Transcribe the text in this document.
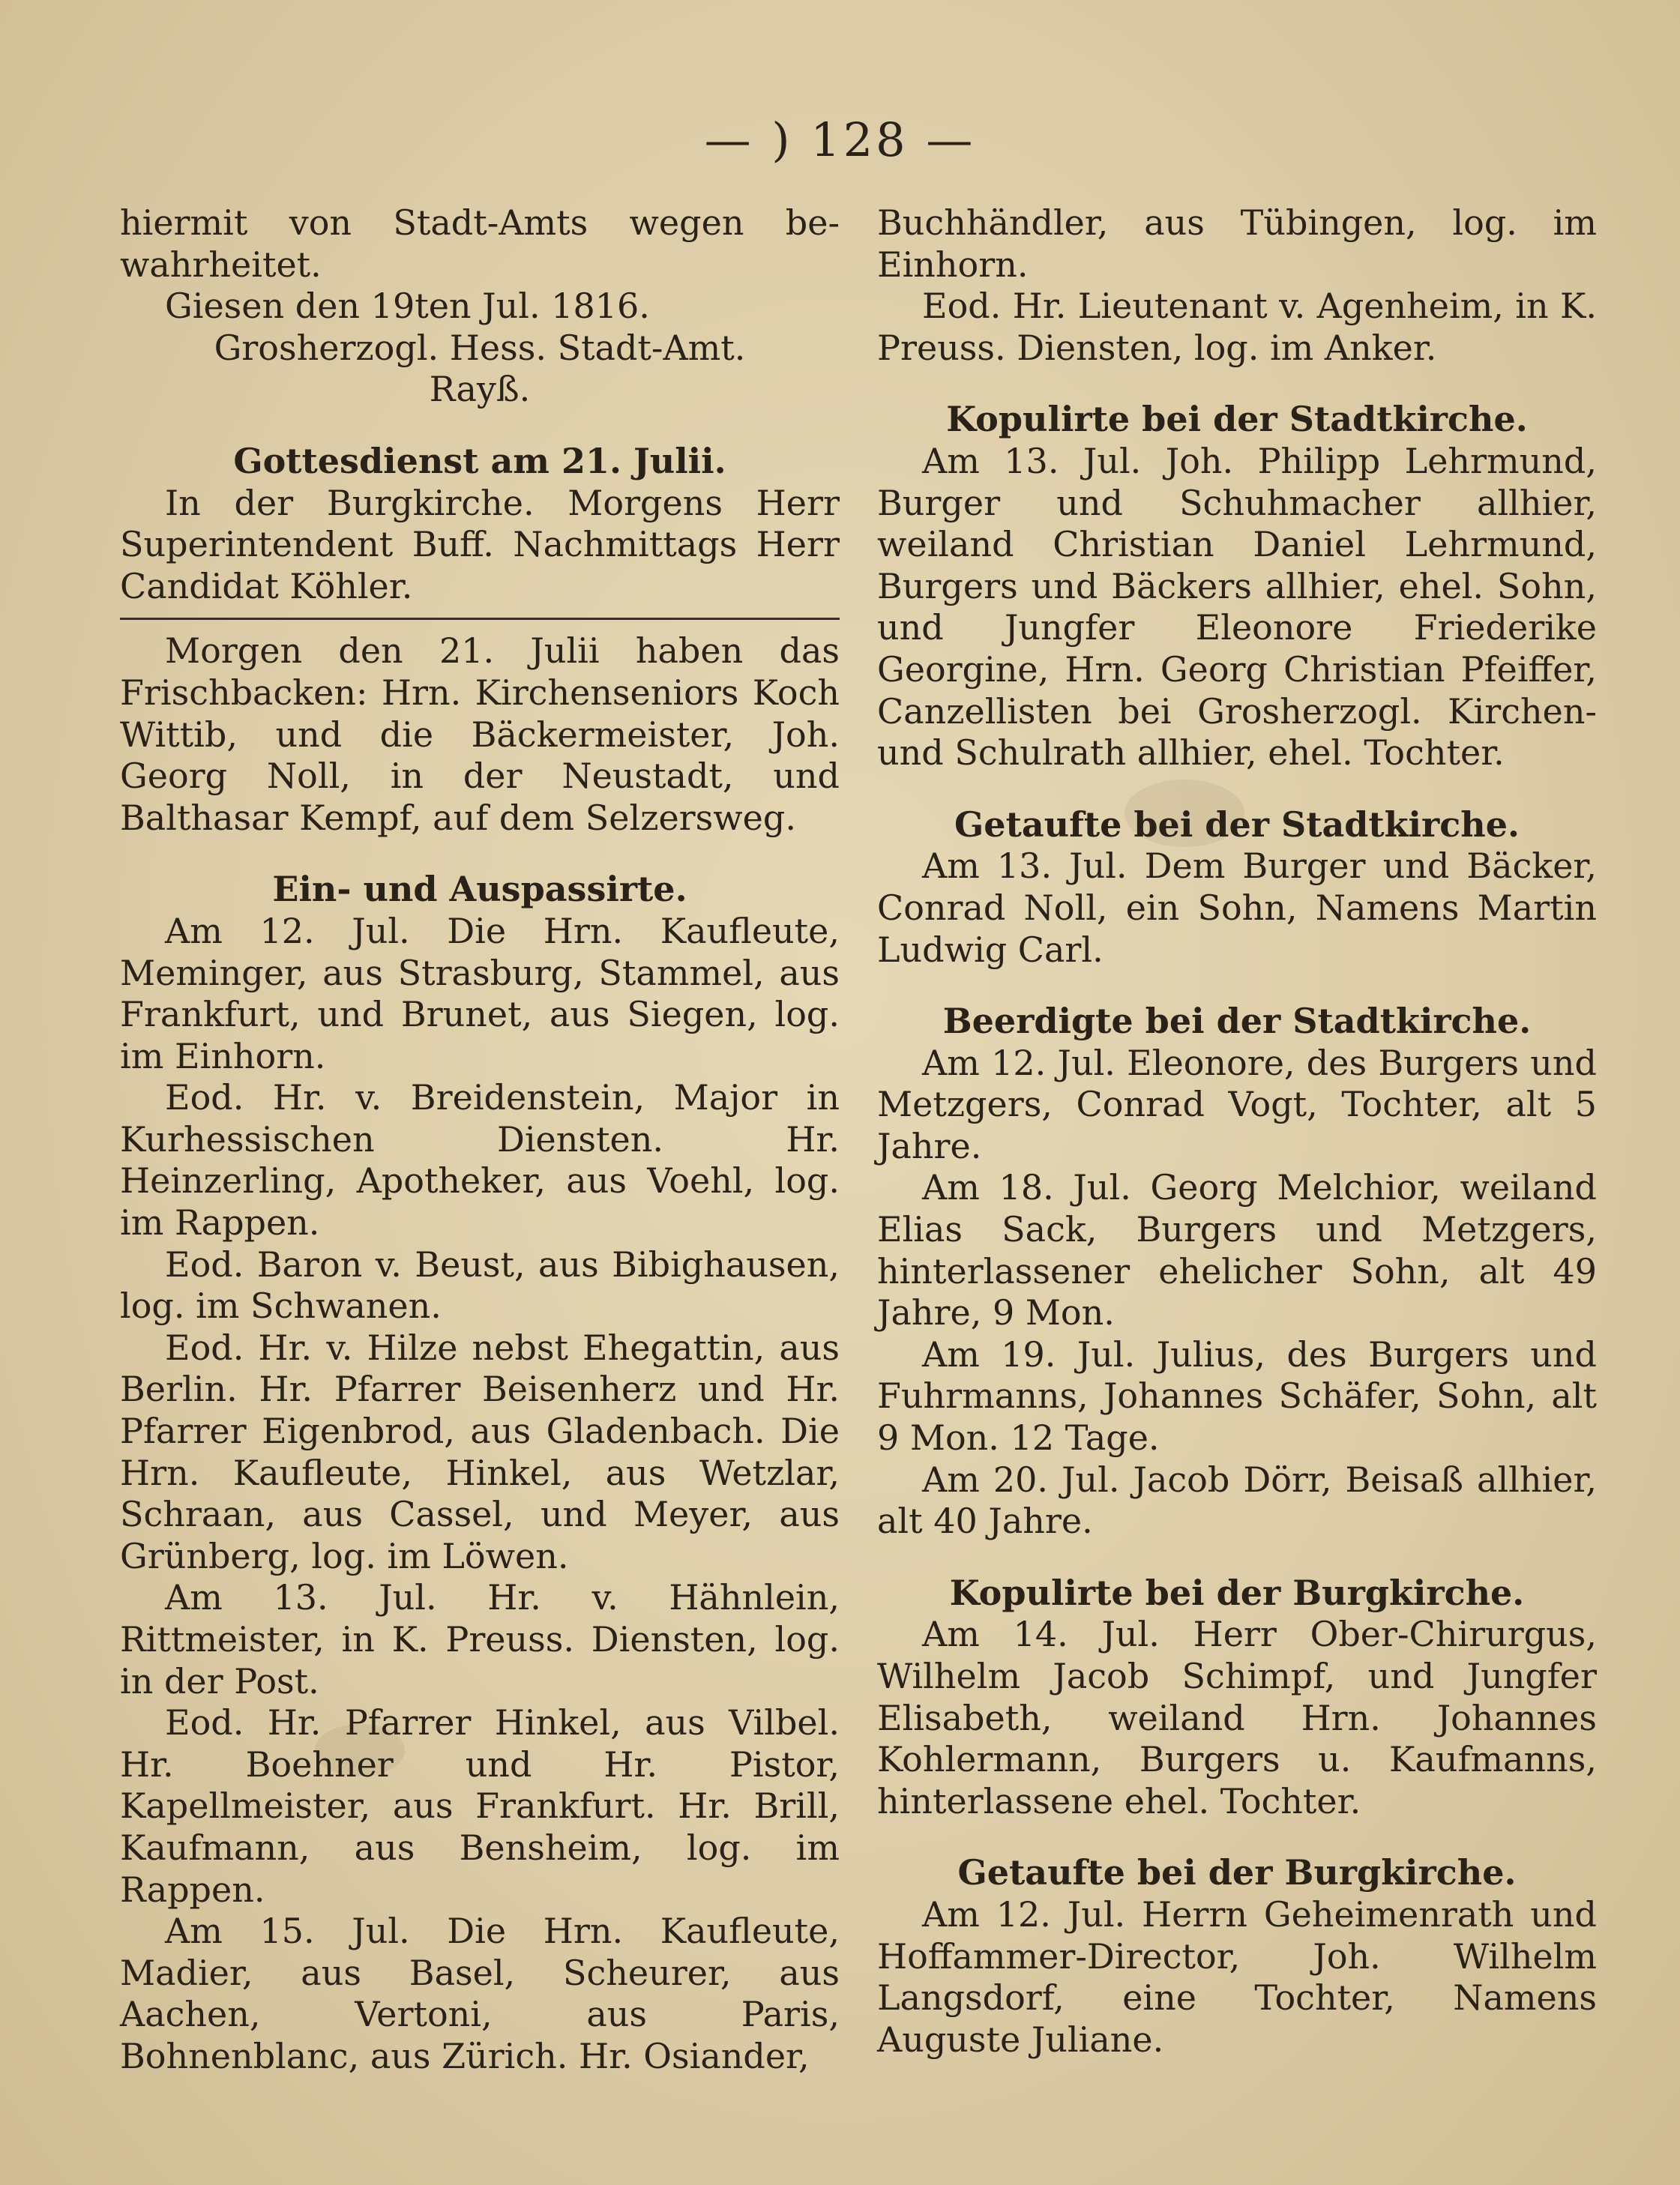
— ) 128 —

hiermit von Stadt-Amts wegen be-wahrheitet.

Giesen den 19ten Jul. 1816.

Grosherzogl. Hess. Stadt-Amt.

Rayß.

Gottesdienst am 21. Julii.

In der Burgkirche. Morgens Herr Superintendent Buff. Nachmittags Herr Candidat Köhler.

Morgen den 21. Julii haben das Frischbacken: Hrn. Kirchenseniors Koch Wittib, und die Bäckermeister, Joh. Georg Noll, in der Neustadt, und Balthasar Kempf, auf dem Selzersweg.

Ein- und Auspassirte.

Am 12. Jul. Die Hrn. Kaufleute, Meminger, aus Strasburg, Stammel, aus Frankfurt, und Brunet, aus Siegen, log. im Einhorn.

Eod. Hr. v. Breidenstein, Major in Kurhessischen Diensten. Hr. Heinzerling, Apotheker, aus Voehl, log. im Rappen.

Eod. Baron v. Beust, aus Bibighausen, log. im Schwanen.

Eod. Hr. v. Hilze nebst Ehegattin, aus Berlin. Hr. Pfarrer Beisenherz und Hr. Pfarrer Eigenbrod, aus Gladenbach. Die Hrn. Kaufleute, Hinkel, aus Wetzlar, Schraan, aus Cassel, und Meyer, aus Grünberg, log. im Löwen.

Am 13. Jul. Hr. v. Hähnlein, Rittmeister, in K. Preuss. Diensten, log. in der Post.

Eod. Hr. Pfarrer Hinkel, aus Vilbel. Hr. Boehner und Hr. Pistor, Kapellmeister, aus Frankfurt. Hr. Brill, Kaufmann, aus Bensheim, log. im Rappen.

Am 15. Jul. Die Hrn. Kaufleute, Madier, aus Basel, Scheurer, aus Aachen, Vertoni, aus Paris, Bohnenblanc, aus Zürich. Hr. Osiander,

Buchhändler, aus Tübingen, log. im Einhorn.

Eod. Hr. Lieutenant v. Agenheim, in K. Preuss. Diensten, log. im Anker.

Kopulirte bei der Stadtkirche.

Am 13. Jul. Joh. Philipp Lehrmund, Burger und Schuhmacher allhier, weiland Christian Daniel Lehrmund, Burgers und Bäckers allhier, ehel. Sohn, und Jungfer Eleonore Friederike Georgine, Hrn. Georg Christian Pfeiffer, Canzellisten bei Grosherzogl. Kirchen- und Schulrath allhier, ehel. Tochter.

Getaufte bei der Stadtkirche.

Am 13. Jul. Dem Burger und Bäcker, Conrad Noll, ein Sohn, Namens Martin Ludwig Carl.

Beerdigte bei der Stadtkirche.

Am 12. Jul. Eleonore, des Burgers und Metzgers, Conrad Vogt, Tochter, alt 5 Jahre.

Am 18. Jul. Georg Melchior, weiland Elias Sack, Burgers und Metzgers, hinterlassener ehelicher Sohn, alt 49 Jahre, 9 Mon.

Am 19. Jul. Julius, des Burgers und Fuhrmanns, Johannes Schäfer, Sohn, alt 9 Mon. 12 Tage.

Am 20. Jul. Jacob Dörr, Beisaß allhier, alt 40 Jahre.

Kopulirte bei der Burgkirche.

Am 14. Jul. Herr Ober-Chirurgus, Wilhelm Jacob Schimpf, und Jungfer Elisabeth, weiland Hrn. Johannes Kohlermann, Burgers u. Kaufmanns, hinterlassene ehel. Tochter.

Getaufte bei der Burgkirche.

Am 12. Jul. Herrn Geheimenrath und Hoffammer-Director, Joh. Wilhelm Langsdorf, eine Tochter, Namens Auguste Juliane.
